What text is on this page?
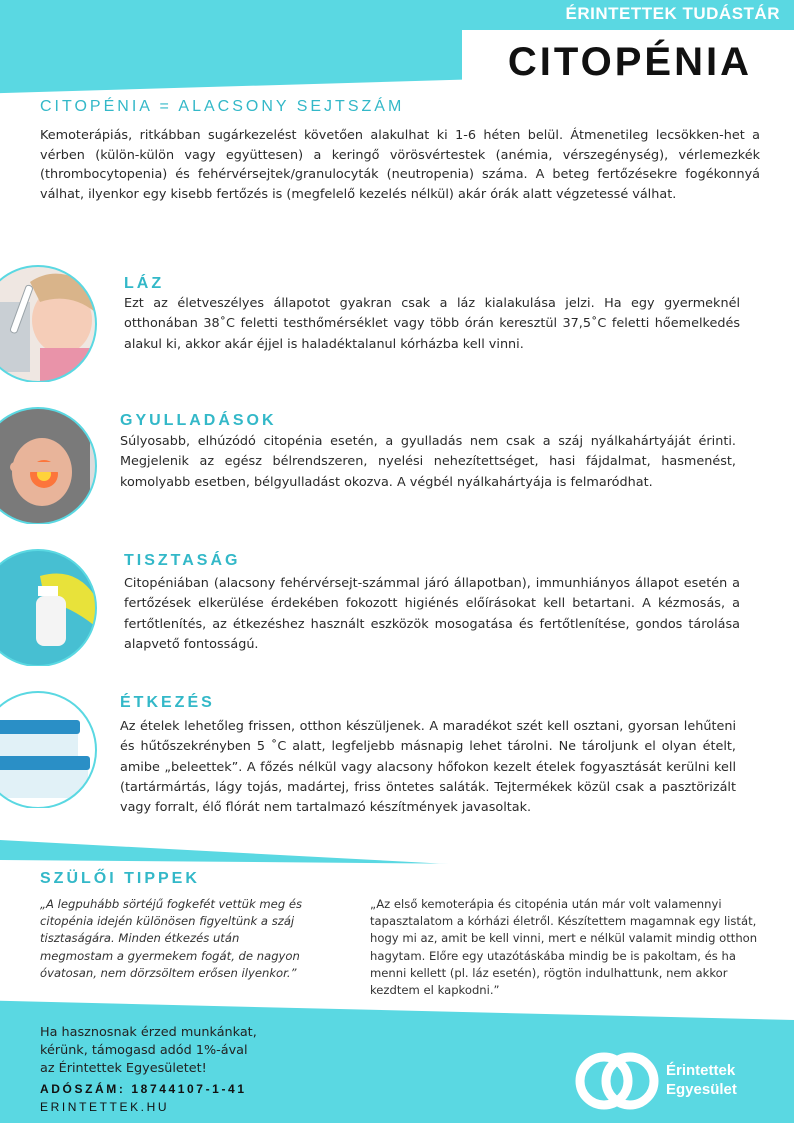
ÉRINTETTEK TUDÁSTÁR
CITOPÉNIA
CITOPÉNIA = ALACSONY SEJTSZÁM

Kemoterápiás, ritkábban sugárkezelést követően alakulhat ki 1-6 héten belül. Átmenetileg lecsökken-het a vérben (külön-külön vagy együttesen) a keringő vörösvértestek (anémia, vérszegénység), vérlemezkék (thrombocytopenia) és fehérvérsejtek/granulocyták (neutropenia) száma. A beteg fertőzésekre fogékonnyá válhat, ilyenkor egy kisebb fertőzés is (megfelelő kezelés nélkül) akár órák alatt végzetessé válhat.

LÁZ

Ezt az életveszélyes állapotot gyakran csak a láz kialakulása jelzi. Ha egy gyermeknél otthonában 38˚C feletti testhőmérséklet vagy több órán keresztül 37,5˚C feletti hőemelkedés alakul ki, akkor akár éjjel is haladéktalanul kórházba kell vinni.

GYULLADÁSOK

Súlyosabb, elhúzódó citopénia esetén, a gyulladás nem csak a száj nyálkahártyáját érinti. Megjelenik az egész bélrendszeren, nyelési nehezítettséget, hasi fájdalmat, hasmenést, komolyabb esetben, bélgyulladást okozva. A végbél nyálkahártyája is felmaródhat.

TISZTASÁG

Citopéniában (alacsony fehérvérsejt-számmal járó állapotban), immunhiányos állapot esetén a fertőzések elkerülése érdekében fokozott higiénés előírásokat kell betartani. A kézmosás, a fertőtlenítés, az étkezéshez használt eszközök mosogatása és fertőtlenítése, gondos tárolása alapvető fontosságú.

ÉTKEZÉS

Az ételek lehetőleg frissen, otthon készüljenek. A maradékot szét kell osztani, gyorsan lehűteni és hűtőszekrényben 5 ˚C alatt, legfeljebb másnapig lehet tárolni. Ne tároljunk el olyan ételt, amibe „beleettek”. A főzés nélkül vagy alacsony hőfokon kezelt ételek fogyasztását kerülni kell (tartármártás, lágy tojás, madártej, friss öntetes saláták. Tejtermékek közül csak a pasztörizált vagy forralt, élő flórát nem tartalmazó készítmények javasoltak.

SZÜLŐI TIPPEK

„A legpuhább sörtéjű fogkefét vettük meg és citopénia idején különösen figyeltünk a száj tisztaságára. Minden étkezés után megmostam a gyermekem fogát, de nagyon óvatosan, nem dörzsöltem erősen ilyenkor.”

„Az első kemoterápia és citopénia után már volt valamennyi tapasztalatom a kórházi életről. Készítettem magamnak egy listát, hogy mi az, amit be kell vinni, mert e nélkül valamit mindig otthon hagytam. Előre egy utazótáskába mindig be is pakoltam, és ha menni kellett (pl. láz esetén), rögtön indulhattunk, nem akkor kezdtem el kapkodni.”

Ha hasznosnak érzed munkánkat,
kérünk, támogasd adód 1%-ával
az Érintettek Egyesületet!
ADÓSZÁM: 18744107-1-41
ERINTETTEK.HU
Érintettek
Egyesület
